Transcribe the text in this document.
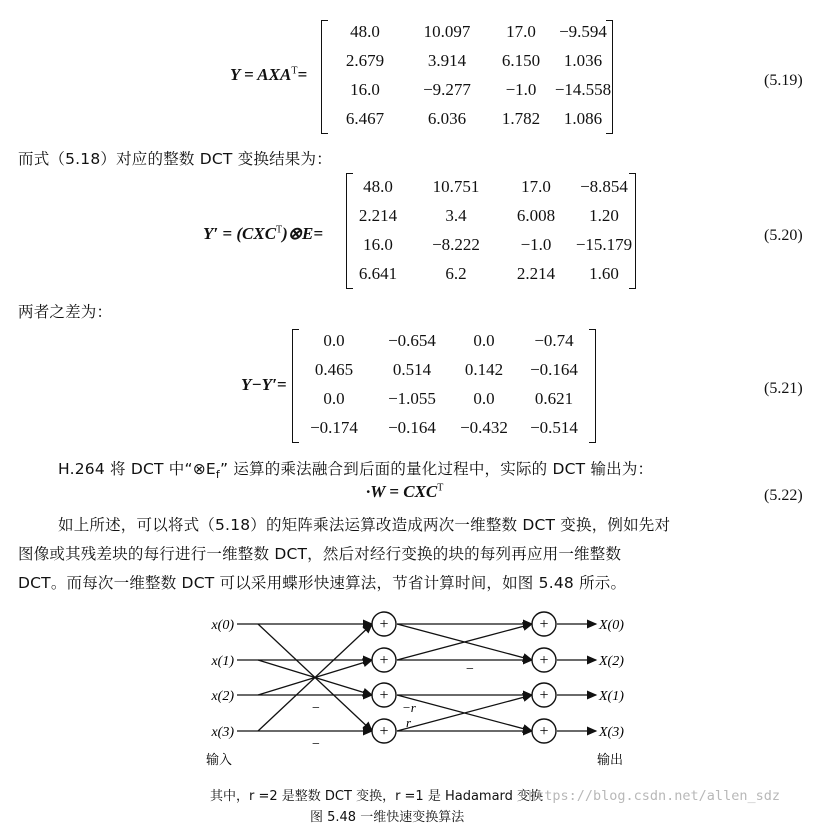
$Y = AXA^T=$
48.0	10.097	17.0	−9.594
2.679	3.914	6.150	1.036
16.0	−9.277	−1.0	−14.558
6.467	6.036	1.782	1.086
(5.19)
而式（5.18）对应的整数 DCT 变换结果为：
$Y' = (CXC^T)\otimes E=$
48.0	10.751	17.0	−8.854
2.214	3.4	6.008	1.20
16.0	−8.222	−1.0	−15.179
6.641	6.2	2.214	1.60
(5.20)
两者之差为：
Y−Y′=
0.0	−0.654	0.0	−0.74
0.465	0.514	0.142	−0.164
0.0	−1.055	0.0	0.621
−0.174	−0.164	−0.432	−0.514
(5.21)
H.264 将 DCT 中“$\otimes E_f$” 运算的乘法融合到后面的量化过程中，实际的 DCT 输出为：
$\cdot W = CXC^T$	(5.22)
如上所述，可以将式（5.18）的矩阵乘法运算改造成两次一维整数 DCT 变换，例如先对
图像或其残差块的每行进行一维整数 DCT，然后对经行变换的块的每列再应用一维整数
DCT。而每次一维整数 DCT 可以采用蝶形快速算法，节省计算时间，如图 5.48 所示。
+
+
+
+
+
+
+
+
x(0)
x(1)
x(2)
x(3)
X(0)
X(2)
X(1)
X(3)
−
−
−
−r
r
输入	输出
其中，r =2 是整数 DCT 变换，r =1 是 Hadamard 变换
图 5.48 一维快速变换算法
https://blog.csdn.net/allen_sdz
